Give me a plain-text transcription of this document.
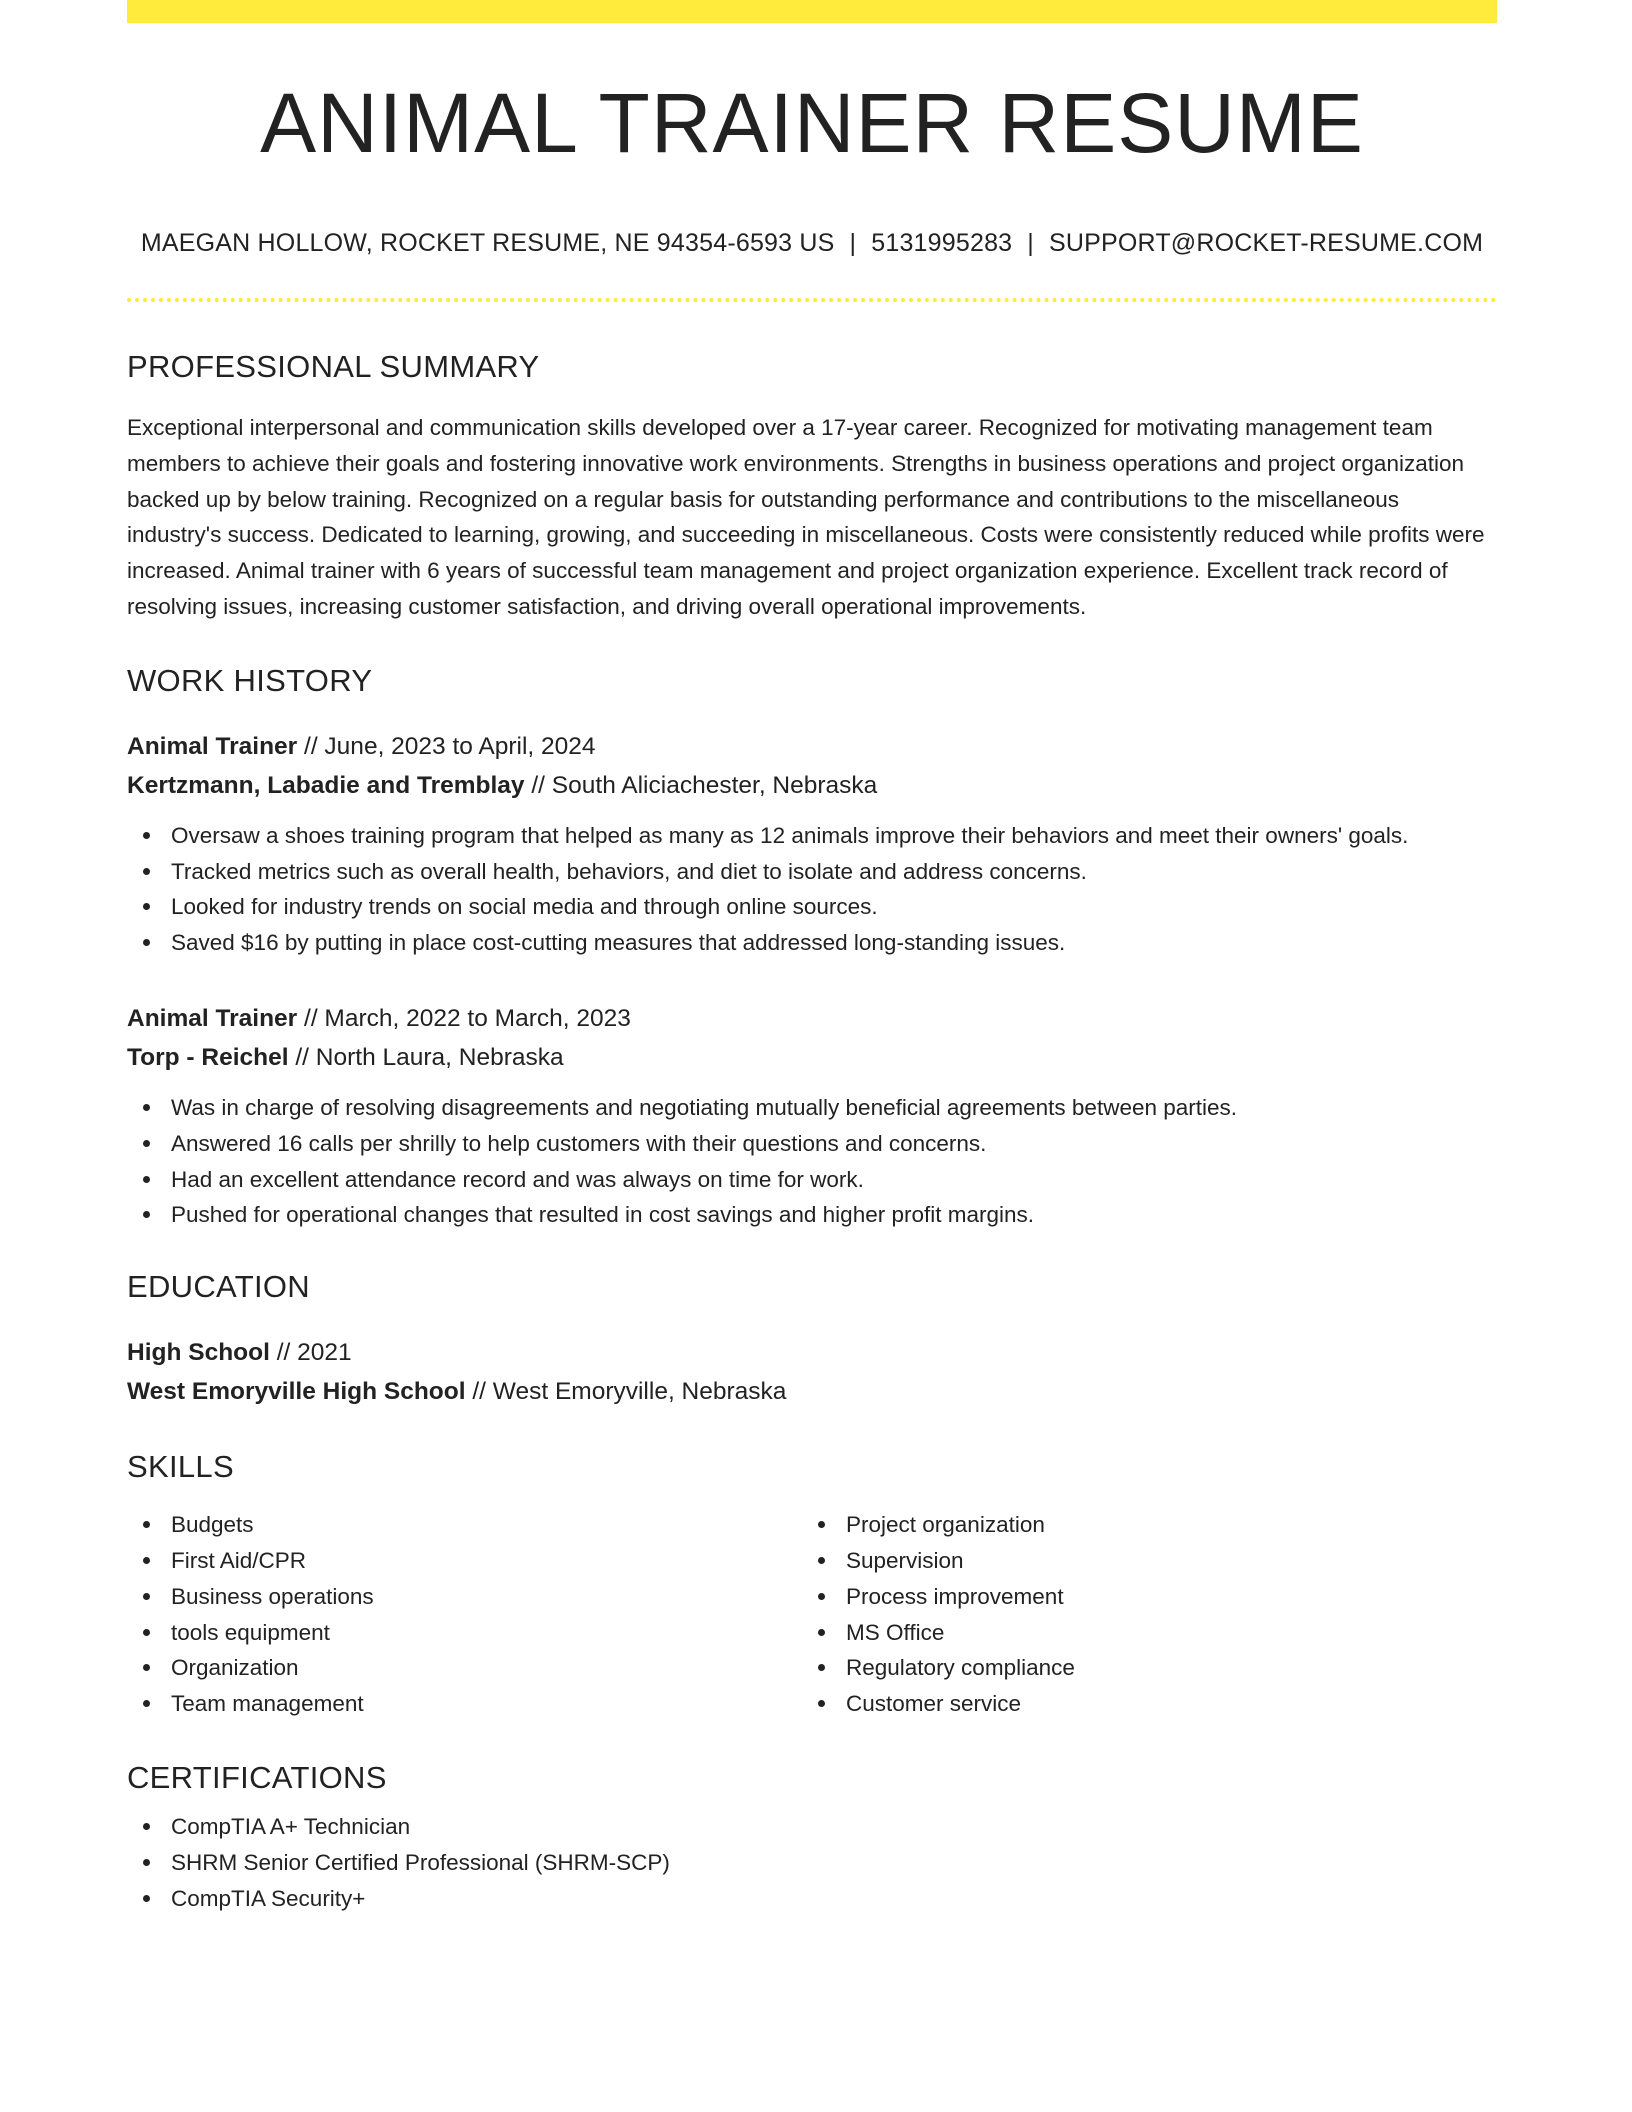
ANIMAL TRAINER RESUME
MAEGAN HOLLOW, ROCKET RESUME, NE 94354-6593 US | 5131995283 | SUPPORT@ROCKET-RESUME.COM
PROFESSIONAL SUMMARY

Exceptional interpersonal and communication skills developed over a 17-year career. Recognized for motivating management team members to achieve their goals and fostering innovative work environments. Strengths in business operations and project organization backed up by below training. Recognized on a regular basis for outstanding performance and contributions to the miscellaneous industry's success. Dedicated to learning, growing, and succeeding in miscellaneous. Costs were consistently reduced while profits were increased. Animal trainer with 6 years of successful team management and project organization experience. Excellent track record of resolving issues, increasing customer satisfaction, and driving overall operational improvements.

WORK HISTORY
Animal Trainer // June, 2023 to April, 2024
Kertzmann, Labadie and Tremblay // South Aliciachester, Nebraska
Oversaw a shoes training program that helped as many as 12 animals improve their behaviors and meet their owners' goals.
Tracked metrics such as overall health, behaviors, and diet to isolate and address concerns.
Looked for industry trends on social media and through online sources.
Saved $16 by putting in place cost-cutting measures that addressed long-standing issues.
Animal Trainer // March, 2022 to March, 2023
Torp - Reichel // North Laura, Nebraska
Was in charge of resolving disagreements and negotiating mutually beneficial agreements between parties.
Answered 16 calls per shrilly to help customers with their questions and concerns.
Had an excellent attendance record and was always on time for work.
Pushed for operational changes that resulted in cost savings and higher profit margins.
EDUCATION
High School // 2021
West Emoryville High School // West Emoryville, Nebraska
SKILLS
Budgets
First Aid/CPR
Business operations
tools equipment
Organization
Team management
Project organization
Supervision
Process improvement
MS Office
Regulatory compliance
Customer service
CERTIFICATIONS
CompTIA A+ Technician
SHRM Senior Certified Professional (SHRM-SCP)
CompTIA Security+
